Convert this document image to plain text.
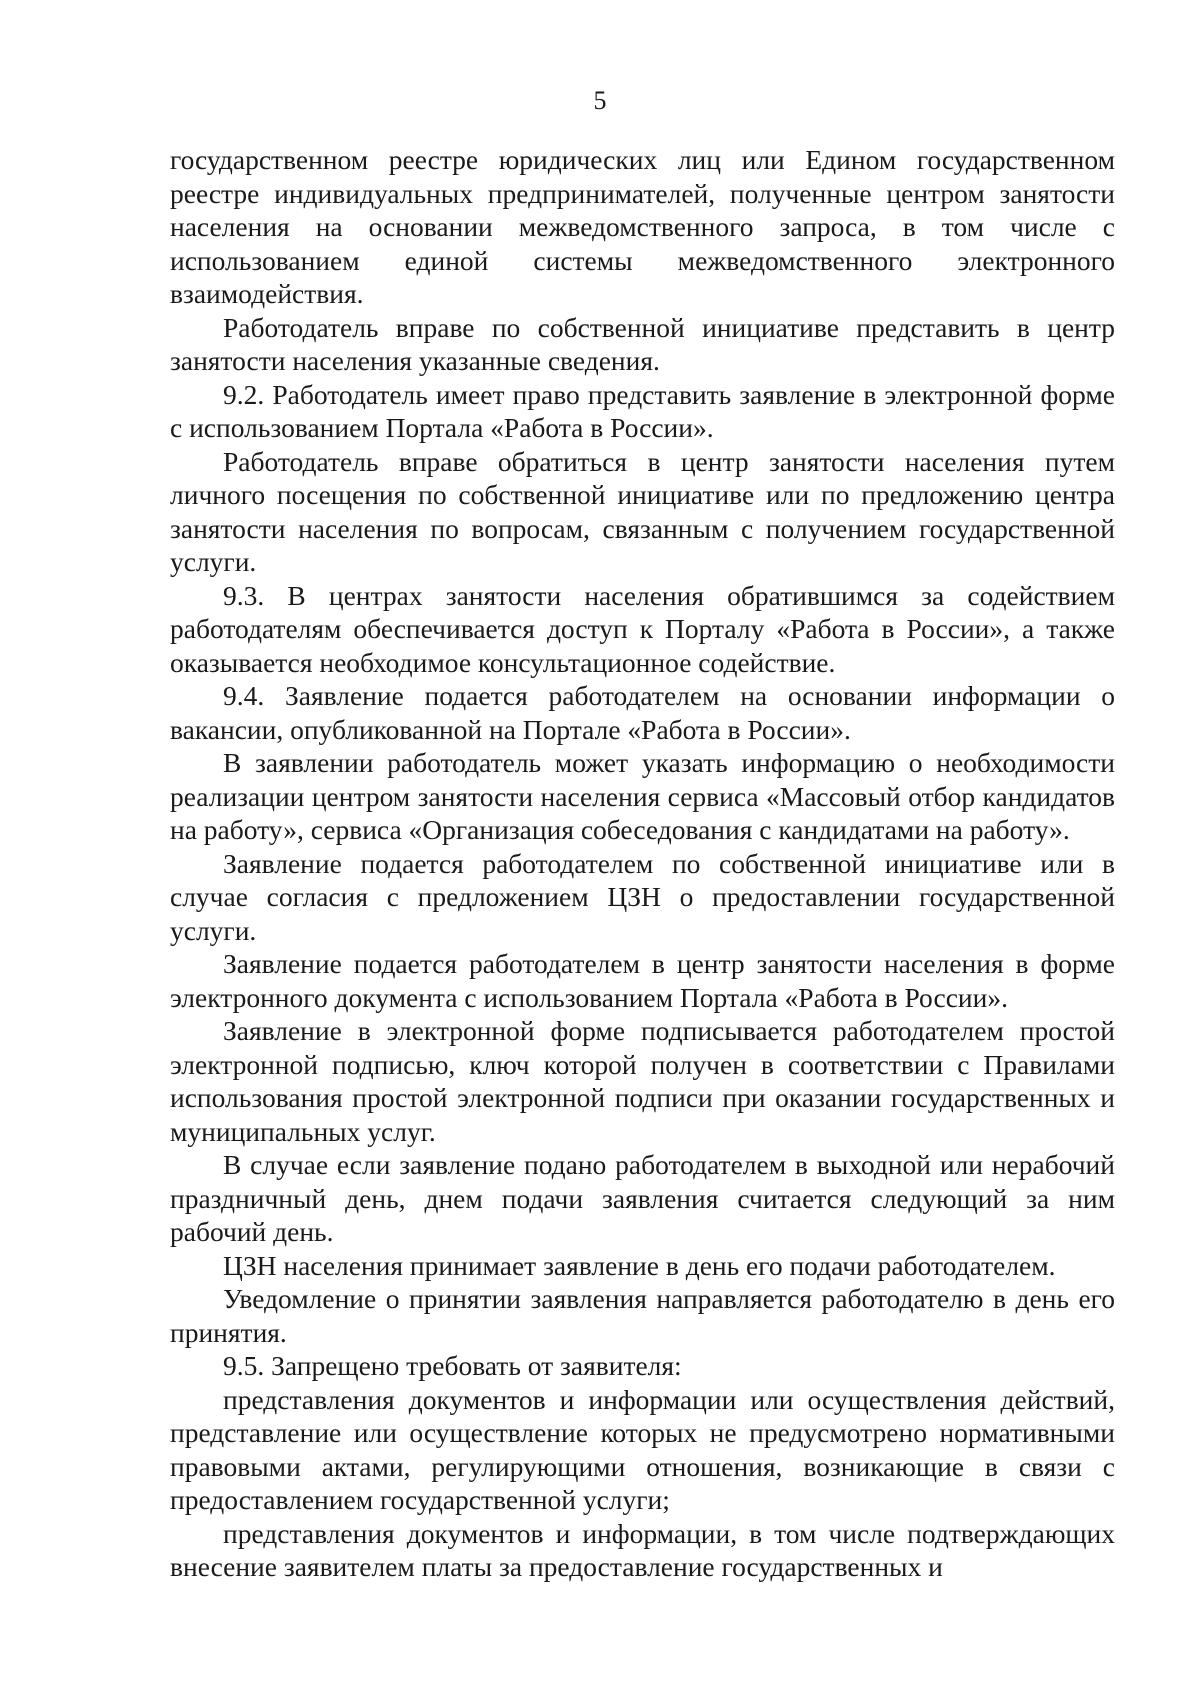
5

государственном реестре юридических лиц или Едином государственном реестре индивидуальных предпринимателей, полученные центром занятости населения на основании межведомственного запроса, в том числе с использованием единой системы межведомственного электронного взаимодействия.

Работодатель вправе по собственной инициативе представить в центр занятости населения указанные сведения.

9.2. Работодатель имеет право представить заявление в электронной форме с использованием Портала «Работа в России».

Работодатель вправе обратиться в центр занятости населения путем личного посещения по собственной инициативе или по предложению центра занятости населения по вопросам, связанным с получением государственной услуги.

9.3. В центрах занятости населения обратившимся за содействием работодателям обеспечивается доступ к Порталу «Работа в России», а также оказывается необходимое консультационное содействие.

9.4. Заявление подается работодателем на основании информации о вакансии, опубликованной на Портале «Работа в России».

В заявлении работодатель может указать информацию о необходимости реализации центром занятости населения сервиса «Массовый отбор кандидатов на работу», сервиса «Организация собеседования с кандидатами на работу».

Заявление подается работодателем по собственной инициативе или в случае согласия с предложением ЦЗН о предоставлении государственной услуги.

Заявление подается работодателем в центр занятости населения в форме электронного документа с использованием Портала «Работа в России».

Заявление в электронной форме подписывается работодателем простой электронной подписью, ключ которой получен в соответствии с Правилами использования простой электронной подписи при оказании государственных и муниципальных услуг.

В случае если заявление подано работодателем в выходной или нерабочий праздничный день, днем подачи заявления считается следующий за ним рабочий день.

ЦЗН населения принимает заявление в день его подачи работодателем.

Уведомление о принятии заявления направляется работодателю в день его принятия.

9.5. Запрещено требовать от заявителя:

представления документов и информации или осуществления действий, представление или осуществление которых не предусмотрено нормативными правовыми актами, регулирующими отношения, возникающие в связи с предоставлением государственной услуги;

представления документов и информации, в том числе подтверждающих внесение заявителем платы за предоставление государственных и
